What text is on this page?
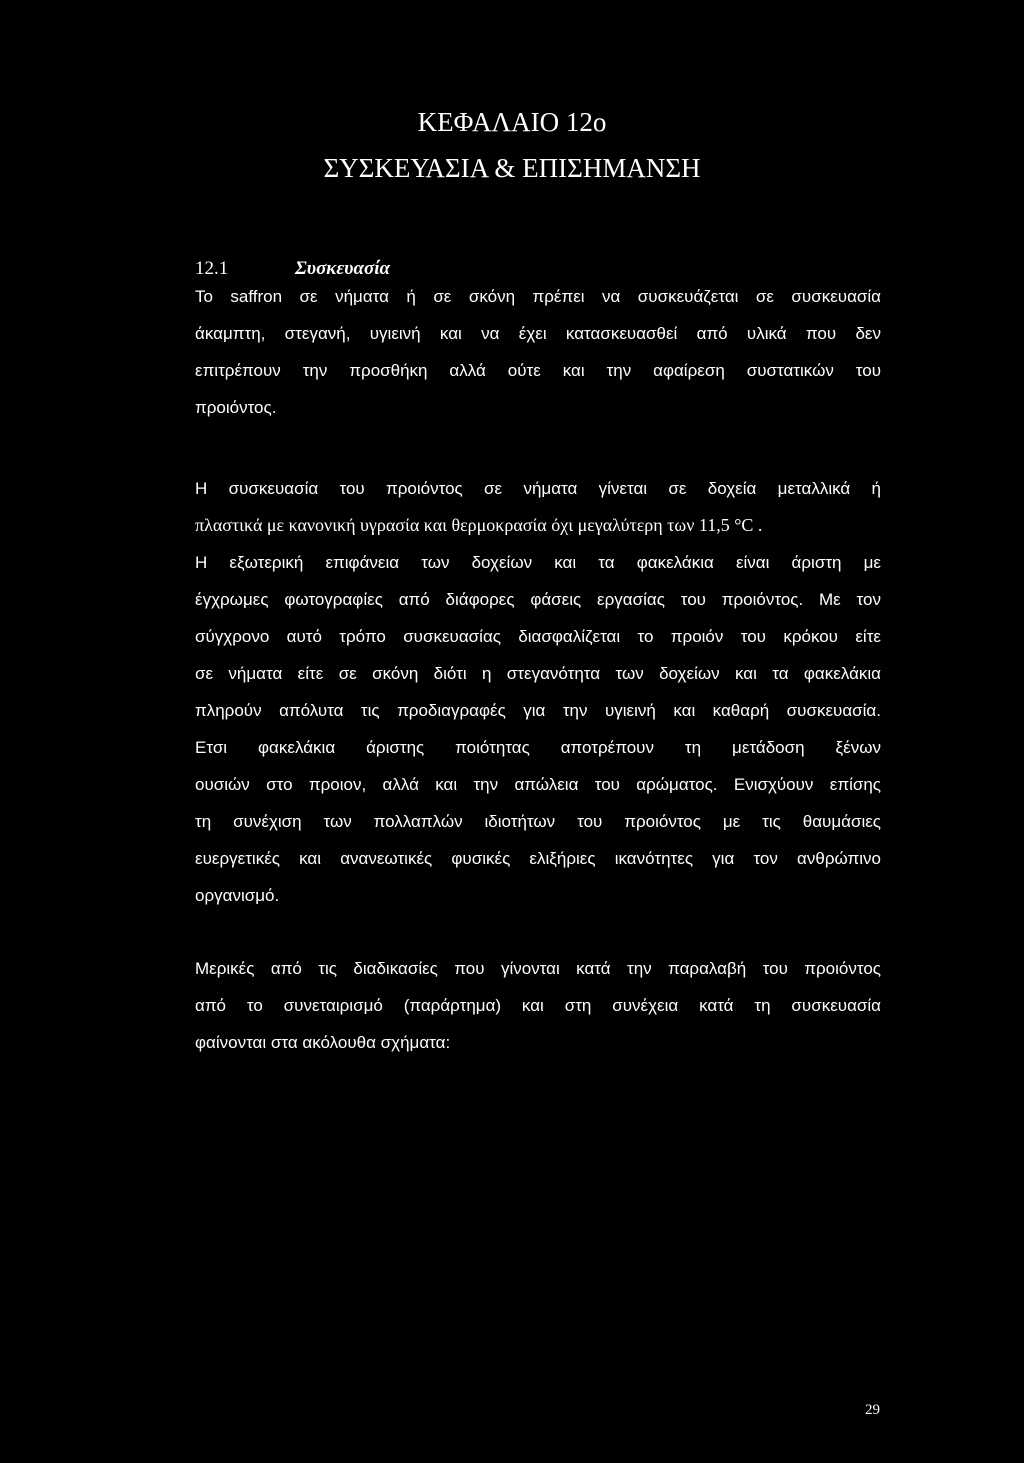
ΚΕΦΑΛΑΙΟ 12ο
ΣΥΣΚΕΥΑΣΙΑ & ΕΠΙΣΗΜΑΝΣΗ
12.1	Συσκευασία
Το saffron σε νήματα ή σε σκόνη πρέπει να συσκευάζεται σε συσκευασία
άκαμπτη, στεγανή, υγιεινή και να έχει κατασκευασθεί από υλικά που δεν
επιτρέπουν την προσθήκη αλλά ούτε και την αφαίρεση συστατικών του
προιόντος.
Η συσκευασία του προιόντος σε νήματα γίνεται σε δοχεία μεταλλικά ή
πλαστικά με κανονική υγρασία και θερμοκρασία όχι μεγαλύτερη των 11,5 °C .
Η εξωτερική επιφάνεια των δοχείων και τα φακελάκια είναι άριστη με
έγχρωμες φωτογραφίες από διάφορες φάσεις εργασίας του προιόντος. Με τον
σύγχρονο αυτό τρόπο συσκευασίας διασφαλίζεται το προιόν του κρόκου είτε
σε νήματα είτε σε σκόνη διότι η στεγανότητα των δοχείων και τα φακελάκια
πληρούν απόλυτα τις προδιαγραφές για την υγιεινή και καθαρή συσκευασία.
Ετσι φακελάκια άριστης ποιότητας αποτρέπουν τη μετάδοση ξένων
ουσιών στο προιον, αλλά και την απώλεια του αρώματος. Ενισχύουν επίσης
τη συνέχιση των πολλαπλών ιδιοτήτων του προιόντος με τις θαυμάσιες
ευεργετικές και ανανεωτικές φυσικές ελιξήριες ικανότητες για τον ανθρώπινο
οργανισμό.
Μερικές από τις διαδικασίες που γίνονται κατά την παραλαβή του προιόντος
από το συνεταιρισμό (παράρτημα) και στη συνέχεια κατά τη συσκευασία
φαίνονται στα ακόλουθα σχήματα:
29
